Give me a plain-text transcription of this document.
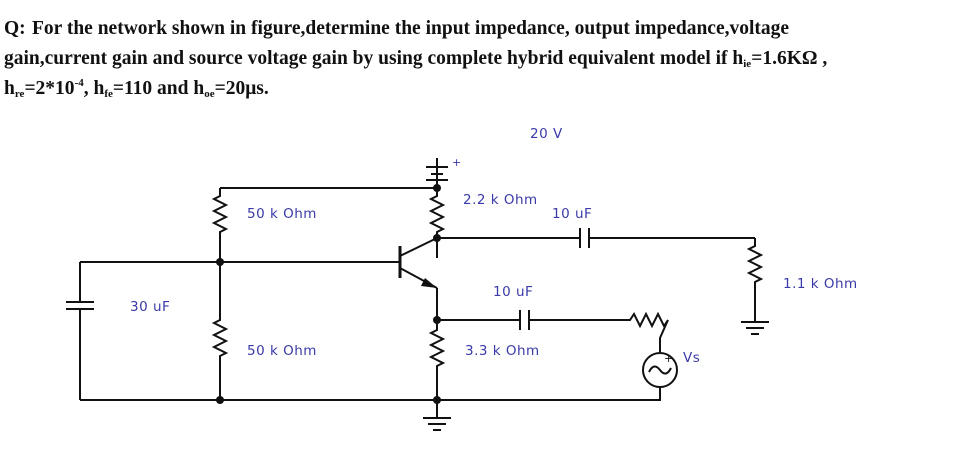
Q: For the network shown in figure,determine the input impedance, output impedance,voltage
gain,current gain and source voltage gain by using complete hybrid equivalent model if $h_{ie}=1.6K\Omega$ ,
$h_{re}=2*10^{-4}$, $h_{fe}=110$ and $h_{oe}=20\mu s$.
+
20 V
2.2 k Ohm
10 uF
1.1 k Ohm
50 k Ohm
30 uF
50 k Ohm
10 uF
3.3 k Ohm	+ Vs
